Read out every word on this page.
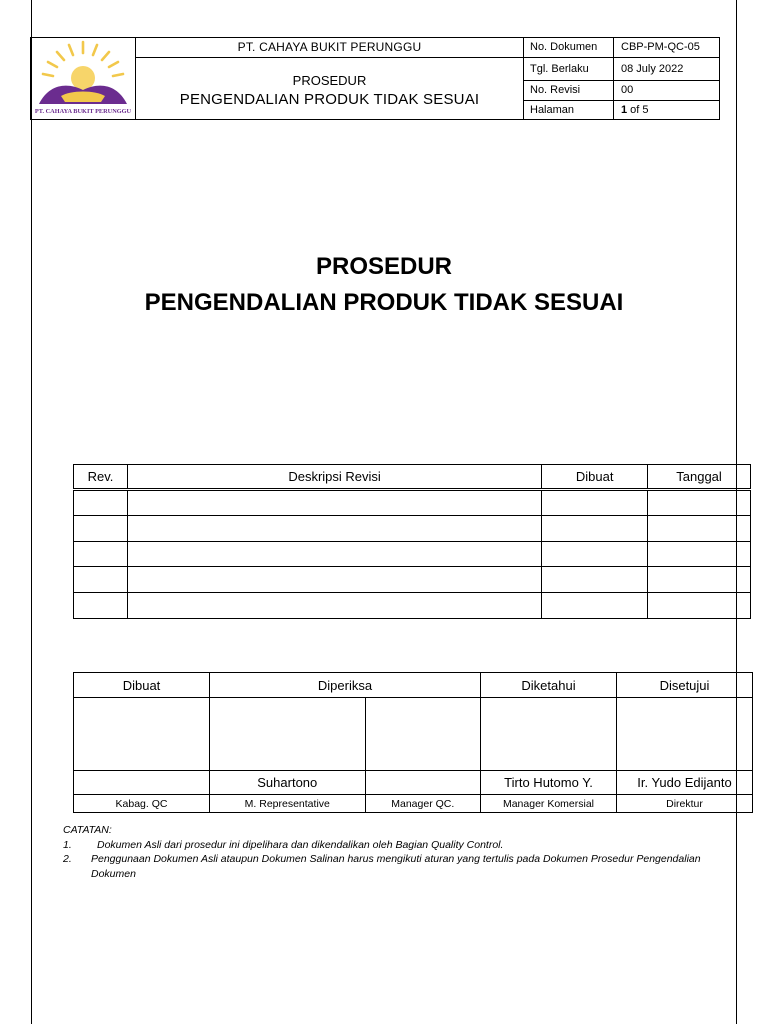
PT. CAHAYA BUKIT PERUNGGU	PT. CAHAYA BUKIT PERUNGGU	No. Dokumen	CBP-PM-QC-05

	PROSEDUR
PENGENDALIAN PRODUK TIDAK SESUAI	Tgl. Berlaku	08 July 2022
		No. Revisi	00
		Halaman	1 of 5
PROSEDUR
PENGENDALIAN PRODUK TIDAK SESUAI
Rev.	Deskripsi Revisi	Dibuat	Tanggal

Dibuat	Diperiksa		Diketahui	Disetujui

	Suhartono		Tirto Hutomo Y.	Ir. Yudo Edijanto
Kabag. QC	M. Representative	Manager QC.	Manager Komersial	Direktur
CATATAN:
1.	Dokumen Asli dari prosedur ini dipelihara dan dikendalikan oleh Bagian Quality Control.
2.	Penggunaan Dokumen Asli ataupun Dokumen Salinan harus mengikuti aturan yang tertulis pada Dokumen Prosedur Pengendalian Dokumen
